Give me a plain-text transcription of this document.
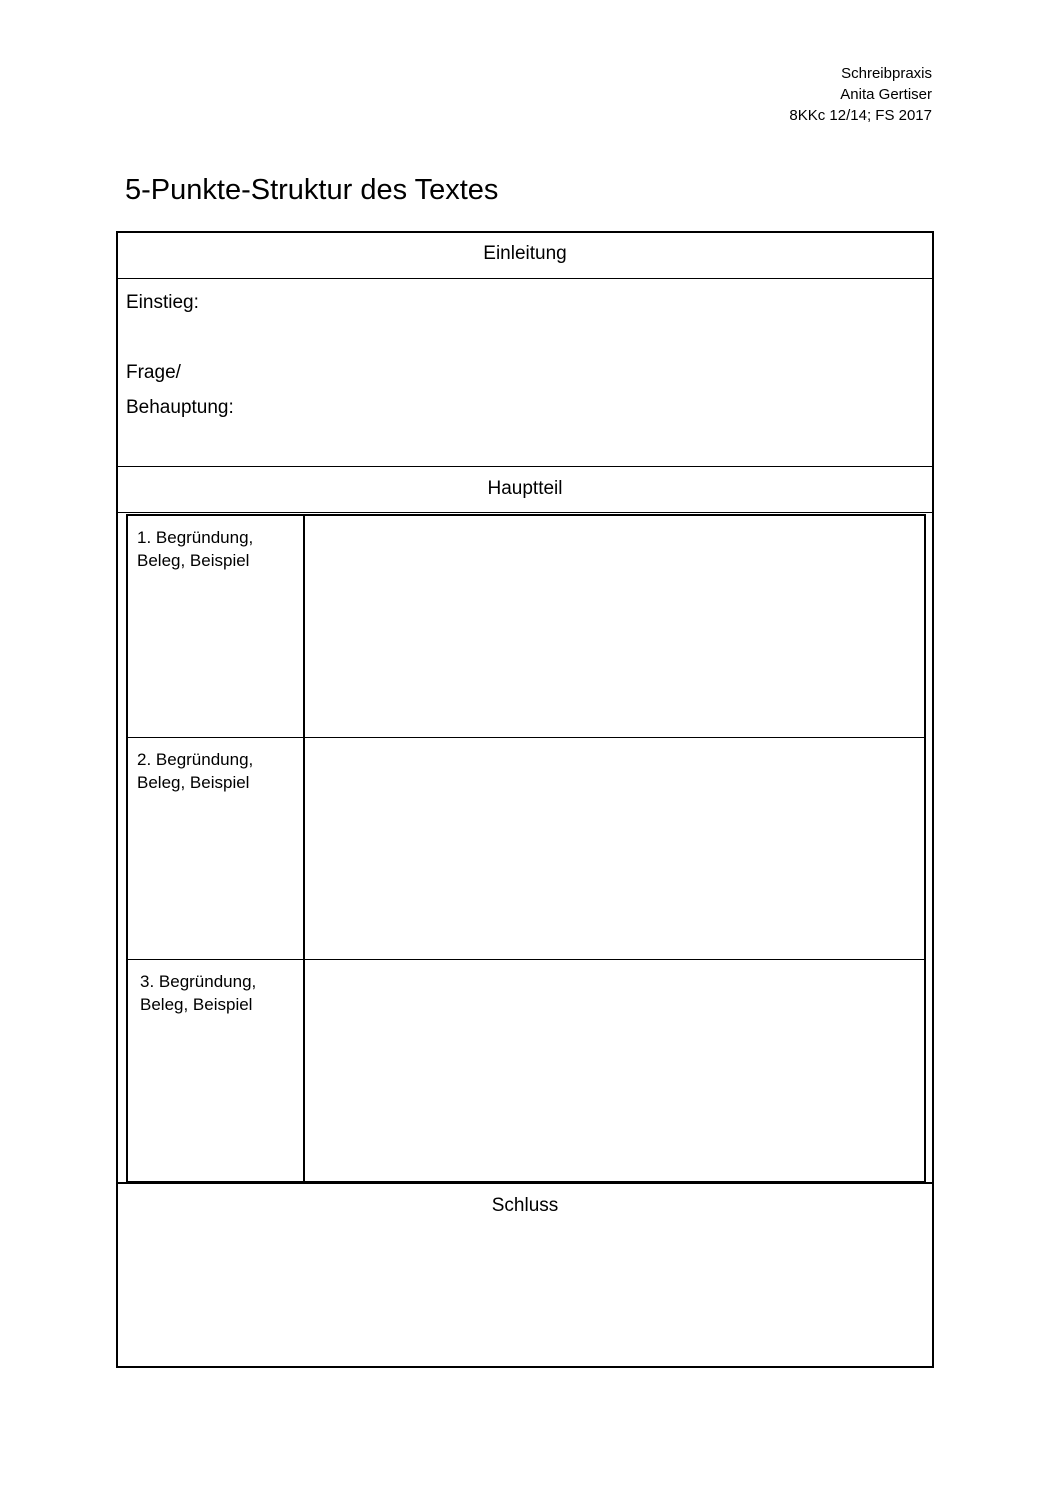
Schreibpraxis
Anita Gertiser
8KKc 12/14; FS 2017
5-Punkte-Struktur des Textes
Einleitung
Einstieg:
Frage/
Behauptung:
Hauptteil
1. Begründung,
Beleg, Beispiel
2. Begründung,
Beleg, Beispiel
3. Begründung,
Beleg, Beispiel
Schluss
